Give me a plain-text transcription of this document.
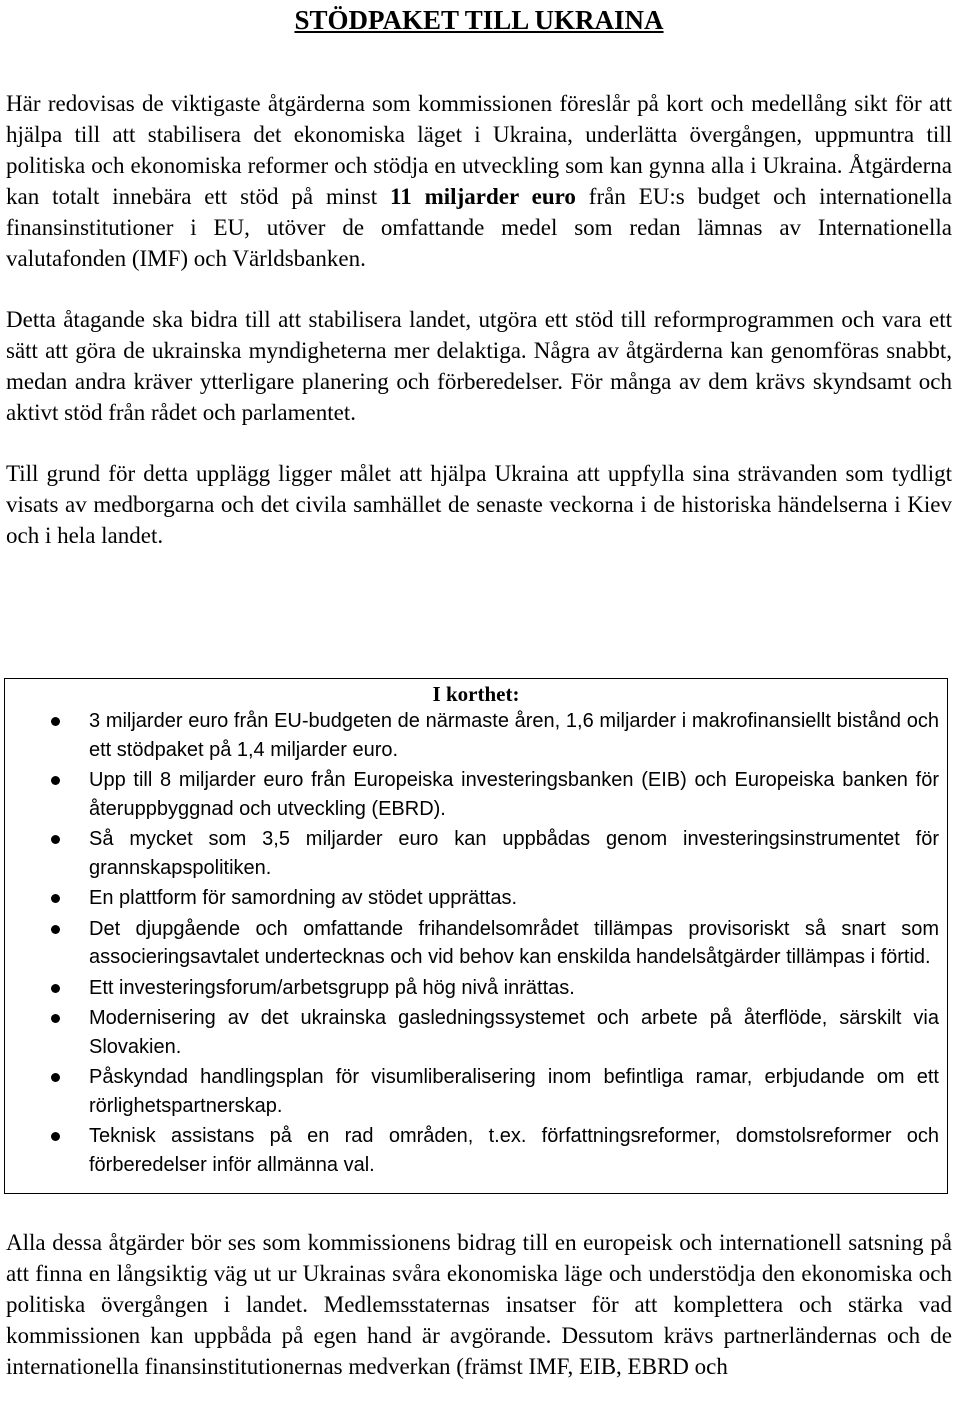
STÖDPAKET TILL UKRAINA

Här redovisas de viktigaste åtgärderna som kommissionen föreslår på kort och medellång sikt för att hjälpa till att stabilisera det ekonomiska läget i Ukraina, underlätta övergången, uppmuntra till politiska och ekonomiska reformer och stödja en utveckling som kan gynna alla i Ukraina. Åtgärderna kan totalt innebära ett stöd på minst 11 miljarder euro från EU:s budget och internationella finansinstitutioner i EU, utöver de omfattande medel som redan lämnas av Internationella valutafonden (IMF) och Världsbanken.

Detta åtagande ska bidra till att stabilisera landet, utgöra ett stöd till reformprogrammen och vara ett sätt att göra de ukrainska myndigheterna mer delaktiga. Några av åtgärderna kan genomföras snabbt, medan andra kräver ytterligare planering och förberedelser. För många av dem krävs skyndsamt och aktivt stöd från rådet och parlamentet.

Till grund för detta upplägg ligger målet att hjälpa Ukraina att uppfylla sina strävanden som tydligt visats av medborgarna och det civila samhället de senaste veckorna i de historiska händelserna i Kiev och i hela landet.

I korthet:
3 miljarder euro från EU-budgeten de närmaste åren, 1,6 miljarder i makrofinansiellt bistånd och ett stödpaket på 1,4 miljarder euro.
Upp till 8 miljarder euro från Europeiska investeringsbanken (EIB) och Europeiska banken för återuppbyggnad och utveckling (EBRD).
Så mycket som 3,5 miljarder euro kan uppbådas genom investeringsinstrumentet för grannskapspolitiken.
En plattform för samordning av stödet upprättas.
Det djupgående och omfattande frihandelsområdet tillämpas provisoriskt så snart som associeringsavtalet undertecknas och vid behov kan enskilda handelsåtgärder tillämpas i förtid.
Ett investeringsforum/arbetsgrupp på hög nivå inrättas.
Modernisering av det ukrainska gasledningssystemet och arbete på återflöde, särskilt via Slovakien.
Påskyndad handlingsplan för visumliberalisering inom befintliga ramar, erbjudande om ett rörlighetspartnerskap.
Teknisk assistans på en rad områden, t.ex. författningsreformer, domstolsreformer och förberedelser inför allmänna val.

Alla dessa åtgärder bör ses som kommissionens bidrag till en europeisk och internationell satsning på att finna en långsiktig väg ut ur Ukrainas svåra ekonomiska läge och understödja den ekonomiska och politiska övergången i landet. Medlemsstaternas insatser för att komplettera och stärka vad kommissionen kan uppbåda på egen hand är avgörande. Dessutom krävs partnerländernas och de internationella finansinstitutionernas medverkan (främst IMF, EIB, EBRD och
